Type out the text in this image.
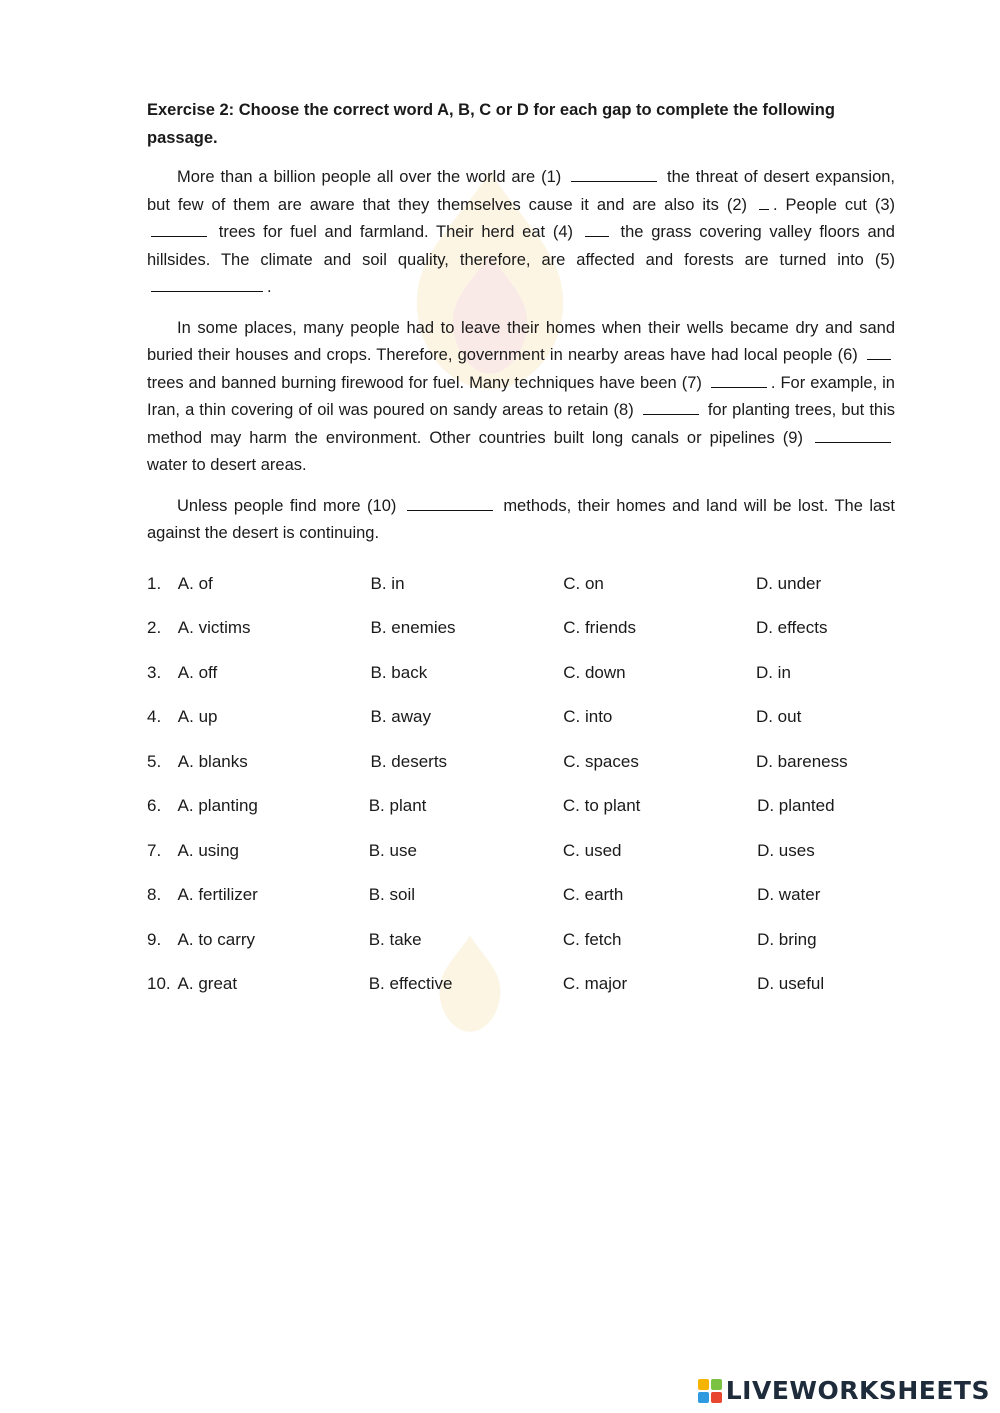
Exercise 2: Choose the correct word A, B, C or D for each gap to complete the following passage.

More than a billion people all over the world are (1)	the threat of desert expansion, but few of them are aware that they themselves cause it and are also its (2) . People cut (3)  trees for fuel and farmland. Their herd eat (4)	the grass covering valley floors and hillsides. The climate and soil quality, therefore, are affected and forests are turned into (5) .

In some places, many people had to leave their homes when their wells became dry and sand buried their houses and crops. Therefore, government in nearby areas have had local people (6)  trees and banned burning firewood for fuel. Many techniques have been (7)	. For example, in Iran, a thin covering of oil was poured on sandy areas to retain (8)	for planting trees, but this method may harm the environment. Other countries built long canals or pipelines (9)  water to desert areas.

Unless people find more (10)	methods, their homes and land will be lost. The last against the desert is continuing.

1. A. of	B. in	C. on	D. under
2. A. victims	B. enemies	C. friends	D. effects
3. A. off	B. back	C. down	D. in
4. A. up	B. away	C. into	D. out
5. A. blanks	B. deserts	C. spaces	D. bareness
6. A. planting	B. plant	C. to plant	D. planted
7. A. using	B. use	C. used	D. uses
8. A. fertilizer	B. soil	C. earth	D. water
9. A. to carry	B. take	C. fetch	D. bring
10. A. great	B. effective	C. major	D. useful
LIVEWORKSHEETS
